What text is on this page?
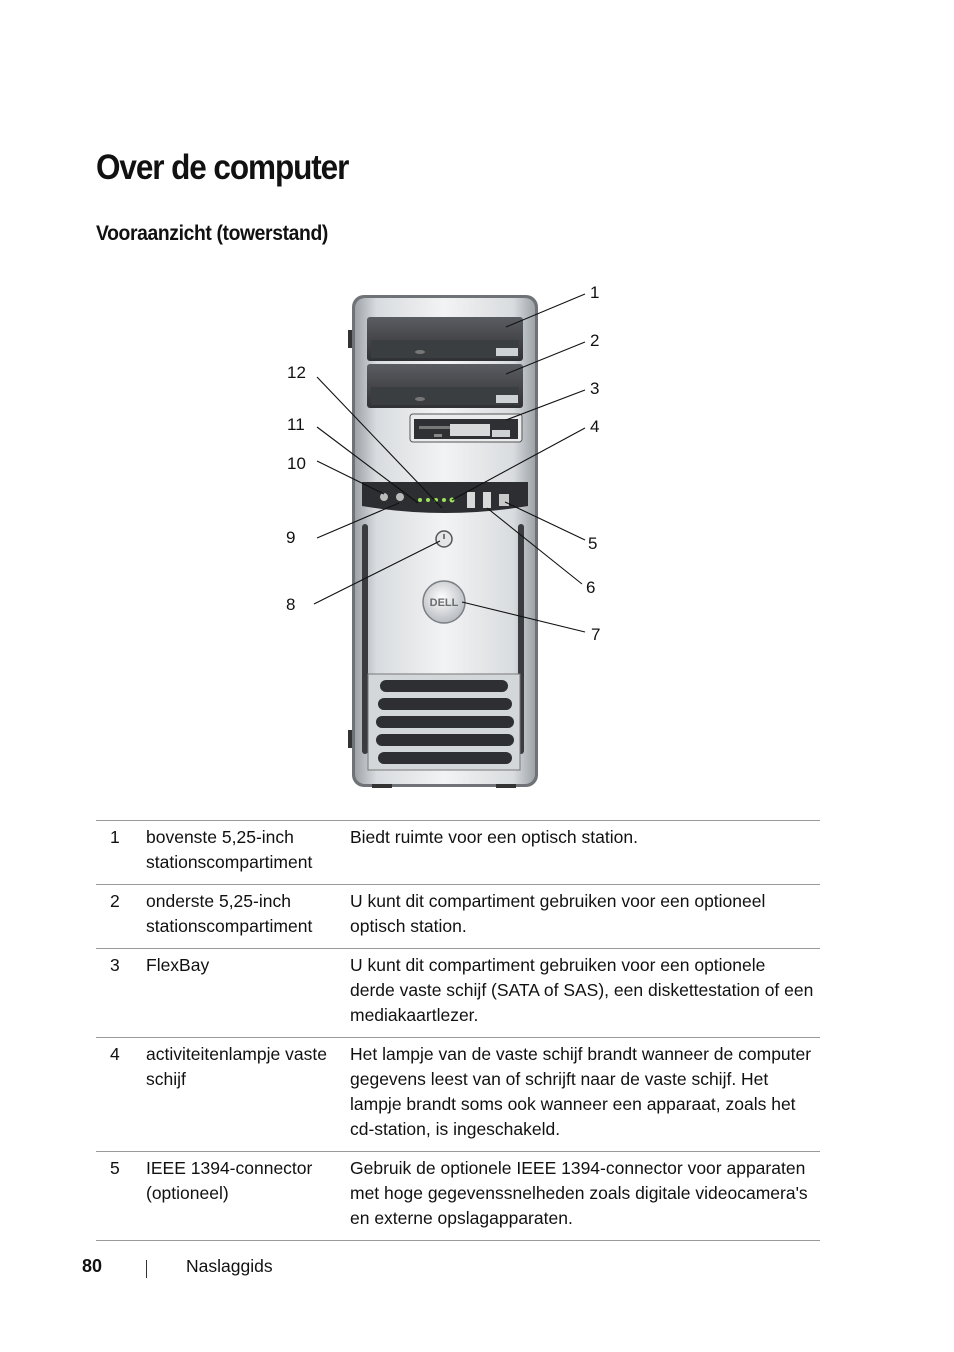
Over de computer
Vooraanzicht (towerstand)
DELL
1
2
3
4
5
6
7
8
9
10
11
12
1	bovenste 5,25-inch stationscompartiment	Biedt ruimte voor een optisch station.
2	onderste 5,25-inch stationscompartiment	U kunt dit compartiment gebruiken voor een optioneel optisch station.
3	FlexBay	U kunt dit compartiment gebruiken voor een optionele derde vaste schijf (SATA of SAS), een diskettestation of een mediakaartlezer.
4	activiteitenlampje vaste schijf	Het lampje van de vaste schijf brandt wanneer de computer gegevens leest van of schrijft naar de vaste schijf. Het lampje brandt soms ook wanneer een apparaat, zoals het cd-station, is ingeschakeld.
5	IEEE 1394-connector (optioneel)	Gebruik de optionele IEEE 1394-connector voor apparaten met hoge gegevenssnelheden zoals digitale videocamera's en externe opslagapparaten.
80	Naslaggids
